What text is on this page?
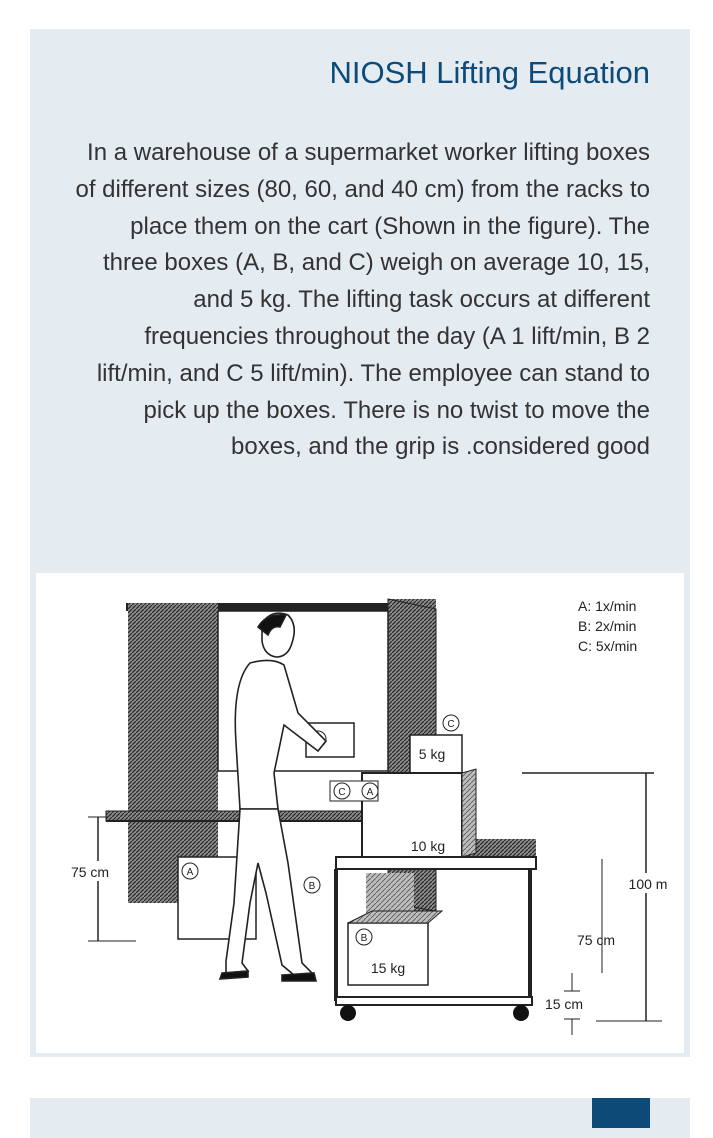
NIOSH Lifting Equation

In a warehouse of a supermarket worker lifting boxes of different sizes (80, 60, and 40 cm) from the racks to place them on the cart (Shown in the figure). The three boxes (A, B, and C) weigh on average 10, 15, and 5 kg. The lifting task occurs at different frequencies throughout the day (A 1 lift/min, B 2 lift/min, and C 5 lift/min). The employee can stand to pick up the boxes. There is no twist to move the boxes, and the grip is .considered good

C
5 kg
10 kg
C A
A
B
B
15 kg
75 cm
100 m
75 cm
15 cm
A: 1x/min
B: 2x/min
C: 5x/min
